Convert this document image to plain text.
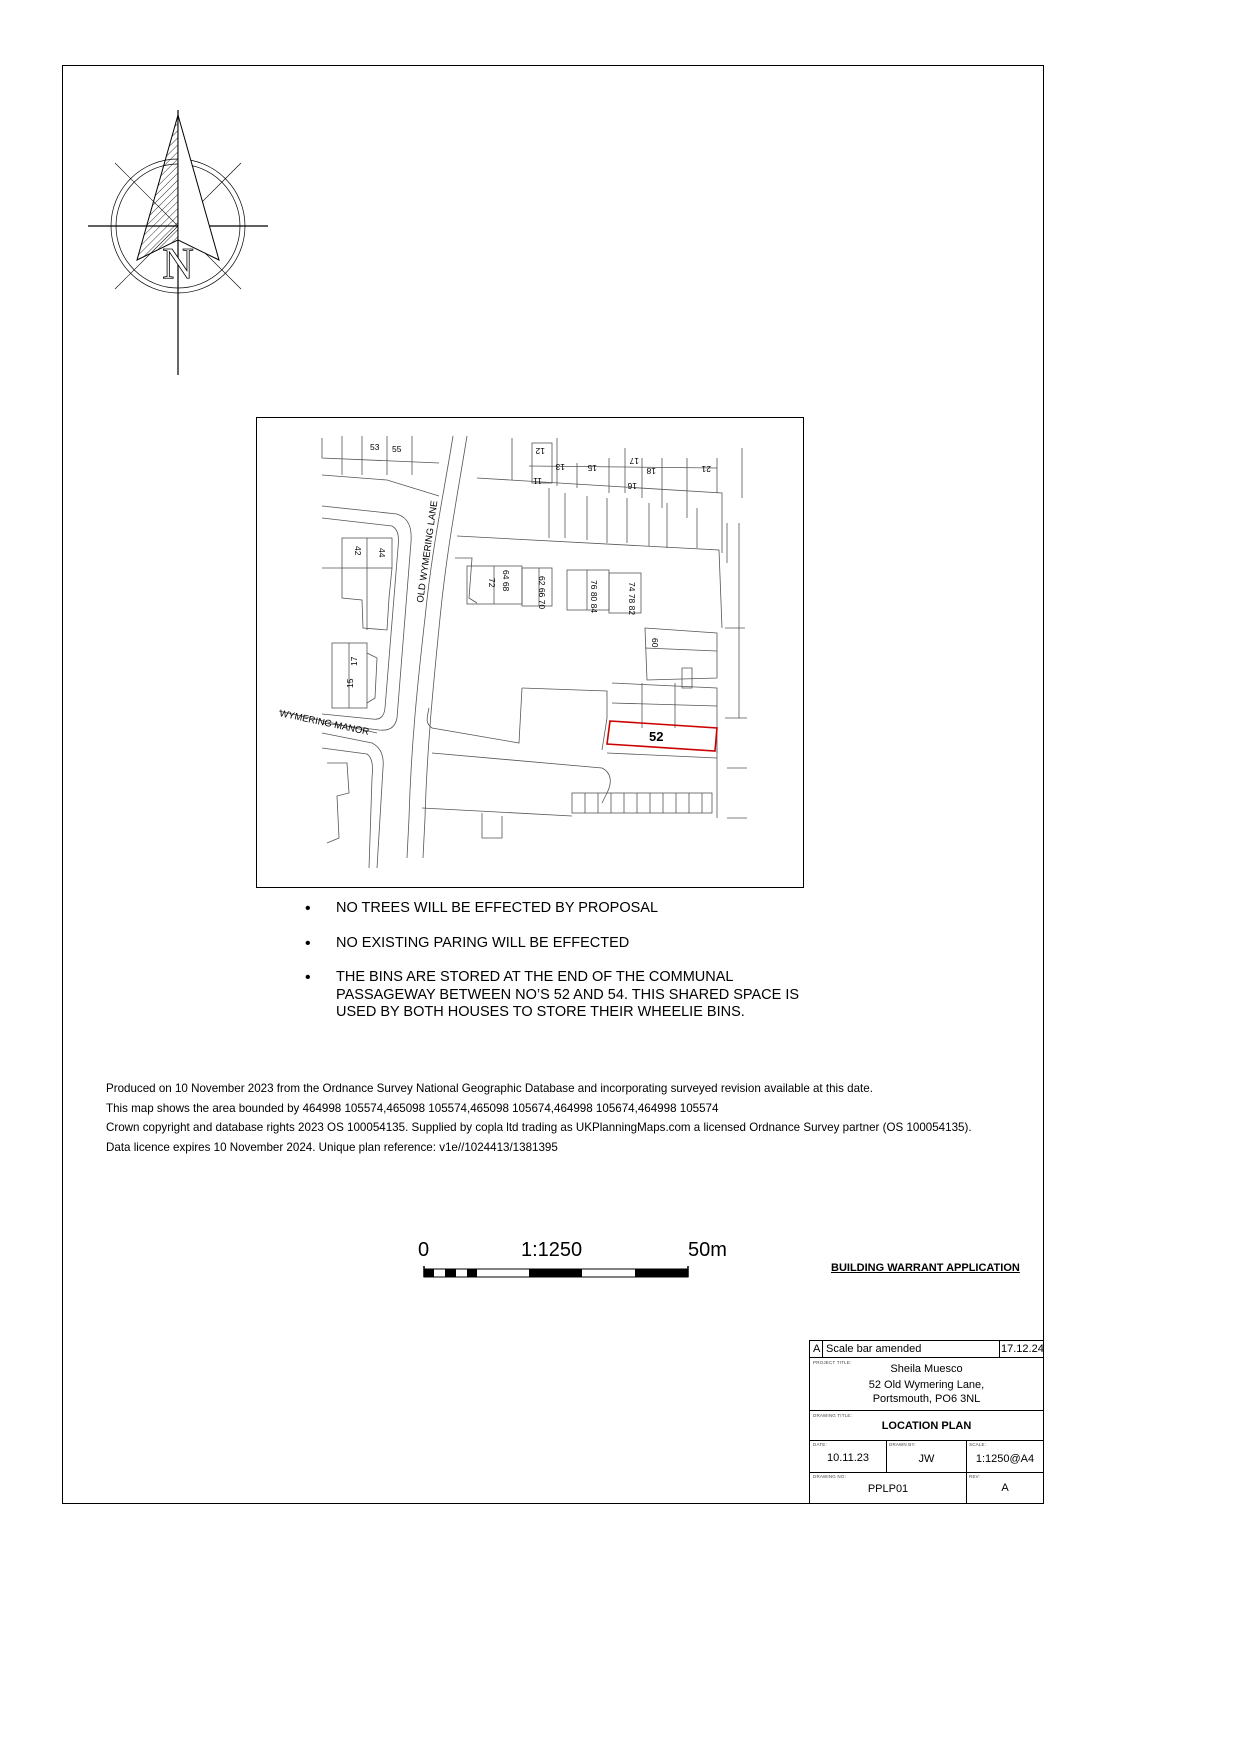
N
53 55	12
11
13	15
17
16
18	21
42 44
72 64 68	62 66 70	76 80 84	74 78 82
60
17
15
OLD WYMERING LANE
WYMERING MANOR	52
• NO TREES WILL BE EFFECTED BY PROPOSAL
• NO EXISTING PARING WILL BE EFFECTED
• THE BINS ARE STORED AT THE END OF THE COMMUNAL PASSAGEWAY BETWEEN NO’S 52 AND 54. THIS SHARED SPACE IS USED BY BOTH HOUSES TO STORE THEIR WHEELIE BINS.
Produced on 10 November 2023 from the Ordnance Survey National Geographic Database and incorporating surveyed revision available at this date.
This map shows the area bounded by 464998 105574,465098 105574,465098 105674,464998 105674,464998 105574
Crown copyright and database rights 2023 OS 100054135. Supplied by copla ltd trading as UKPlanningMaps.com a licensed Ordnance Survey partner (OS 100054135).
Data licence expires 10 November 2024. Unique plan reference: v1e//1024413/1381395
0	1:1250	50m
BUILDING WARRANT APPLICATION
A Scale bar amended	17.12.24
PROJECT TITLE:
Sheila Muesco
52 Old Wymering Lane,
Portsmouth, PO6 3NL
DRAWING TITLE:
LOCATION PLAN
DATE:
10.11.23
DRAWN BY:
JW
SCALE:
1:1250@A4
DRAWING NO:
PPLP01
REV:
A
